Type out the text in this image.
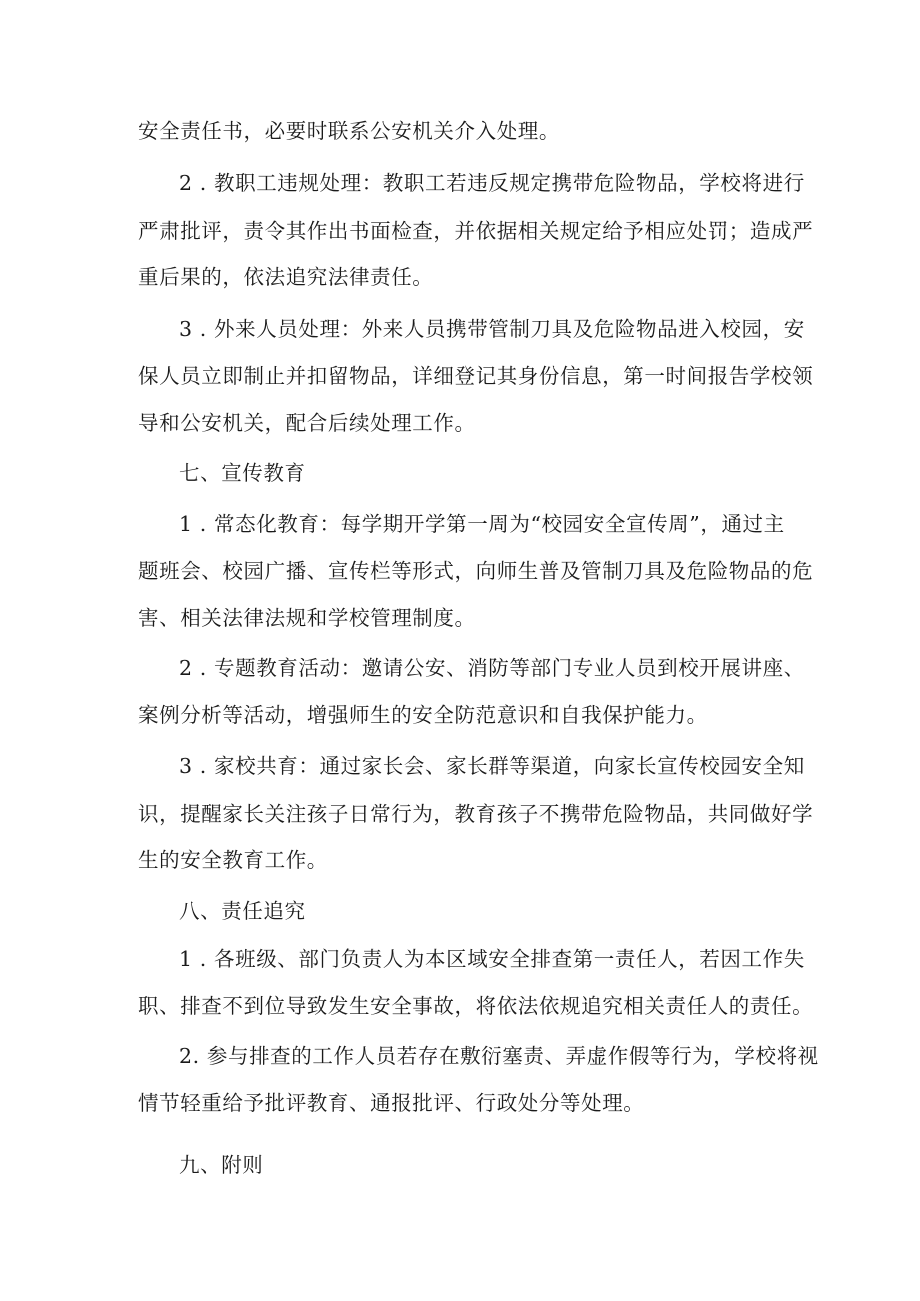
安全责任书，必要时联系公安机关介入处理。
2 . 教职工违规处理：教职工若违反规定携带危险物品，学校将进行
严肃批评，责令其作出书面检查，并依据相关规定给予相应处罚；造成严
重后果的，依法追究法律责任。
3 . 外来人员处理：外来人员携带管制刀具及危险物品进入校园，安
保人员立即制止并扣留物品，详细登记其身份信息，第一时间报告学校领
导和公安机关，配合后续处理工作。
七、宣传教育
1 . 常态化教育：每学期开学第一周为“校园安全宣传周”，通过主
题班会、校园广播、宣传栏等形式，向师生普及管制刀具及危险物品的危
害、相关法律法规和学校管理制度。
2 . 专题教育活动：邀请公安、消防等部门专业人员到校开展讲座、
案例分析等活动，增强师生的安全防范意识和自我保护能力。
3 . 家校共育：通过家长会、家长群等渠道，向家长宣传校园安全知
识，提醒家长关注孩子日常行为，教育孩子不携带危险物品，共同做好学
生的安全教育工作。
八、责任追究
1 . 各班级、部门负责人为本区域安全排查第一责任人，若因工作失
职、排查不到位导致发生安全事故，将依法依规追究相关责任人的责任。
2. 参与排查的工作人员若存在敷衍塞责、弄虚作假等行为，学校将视
情节轻重给予批评教育、通报批评、行政处分等处理。
九、附则
